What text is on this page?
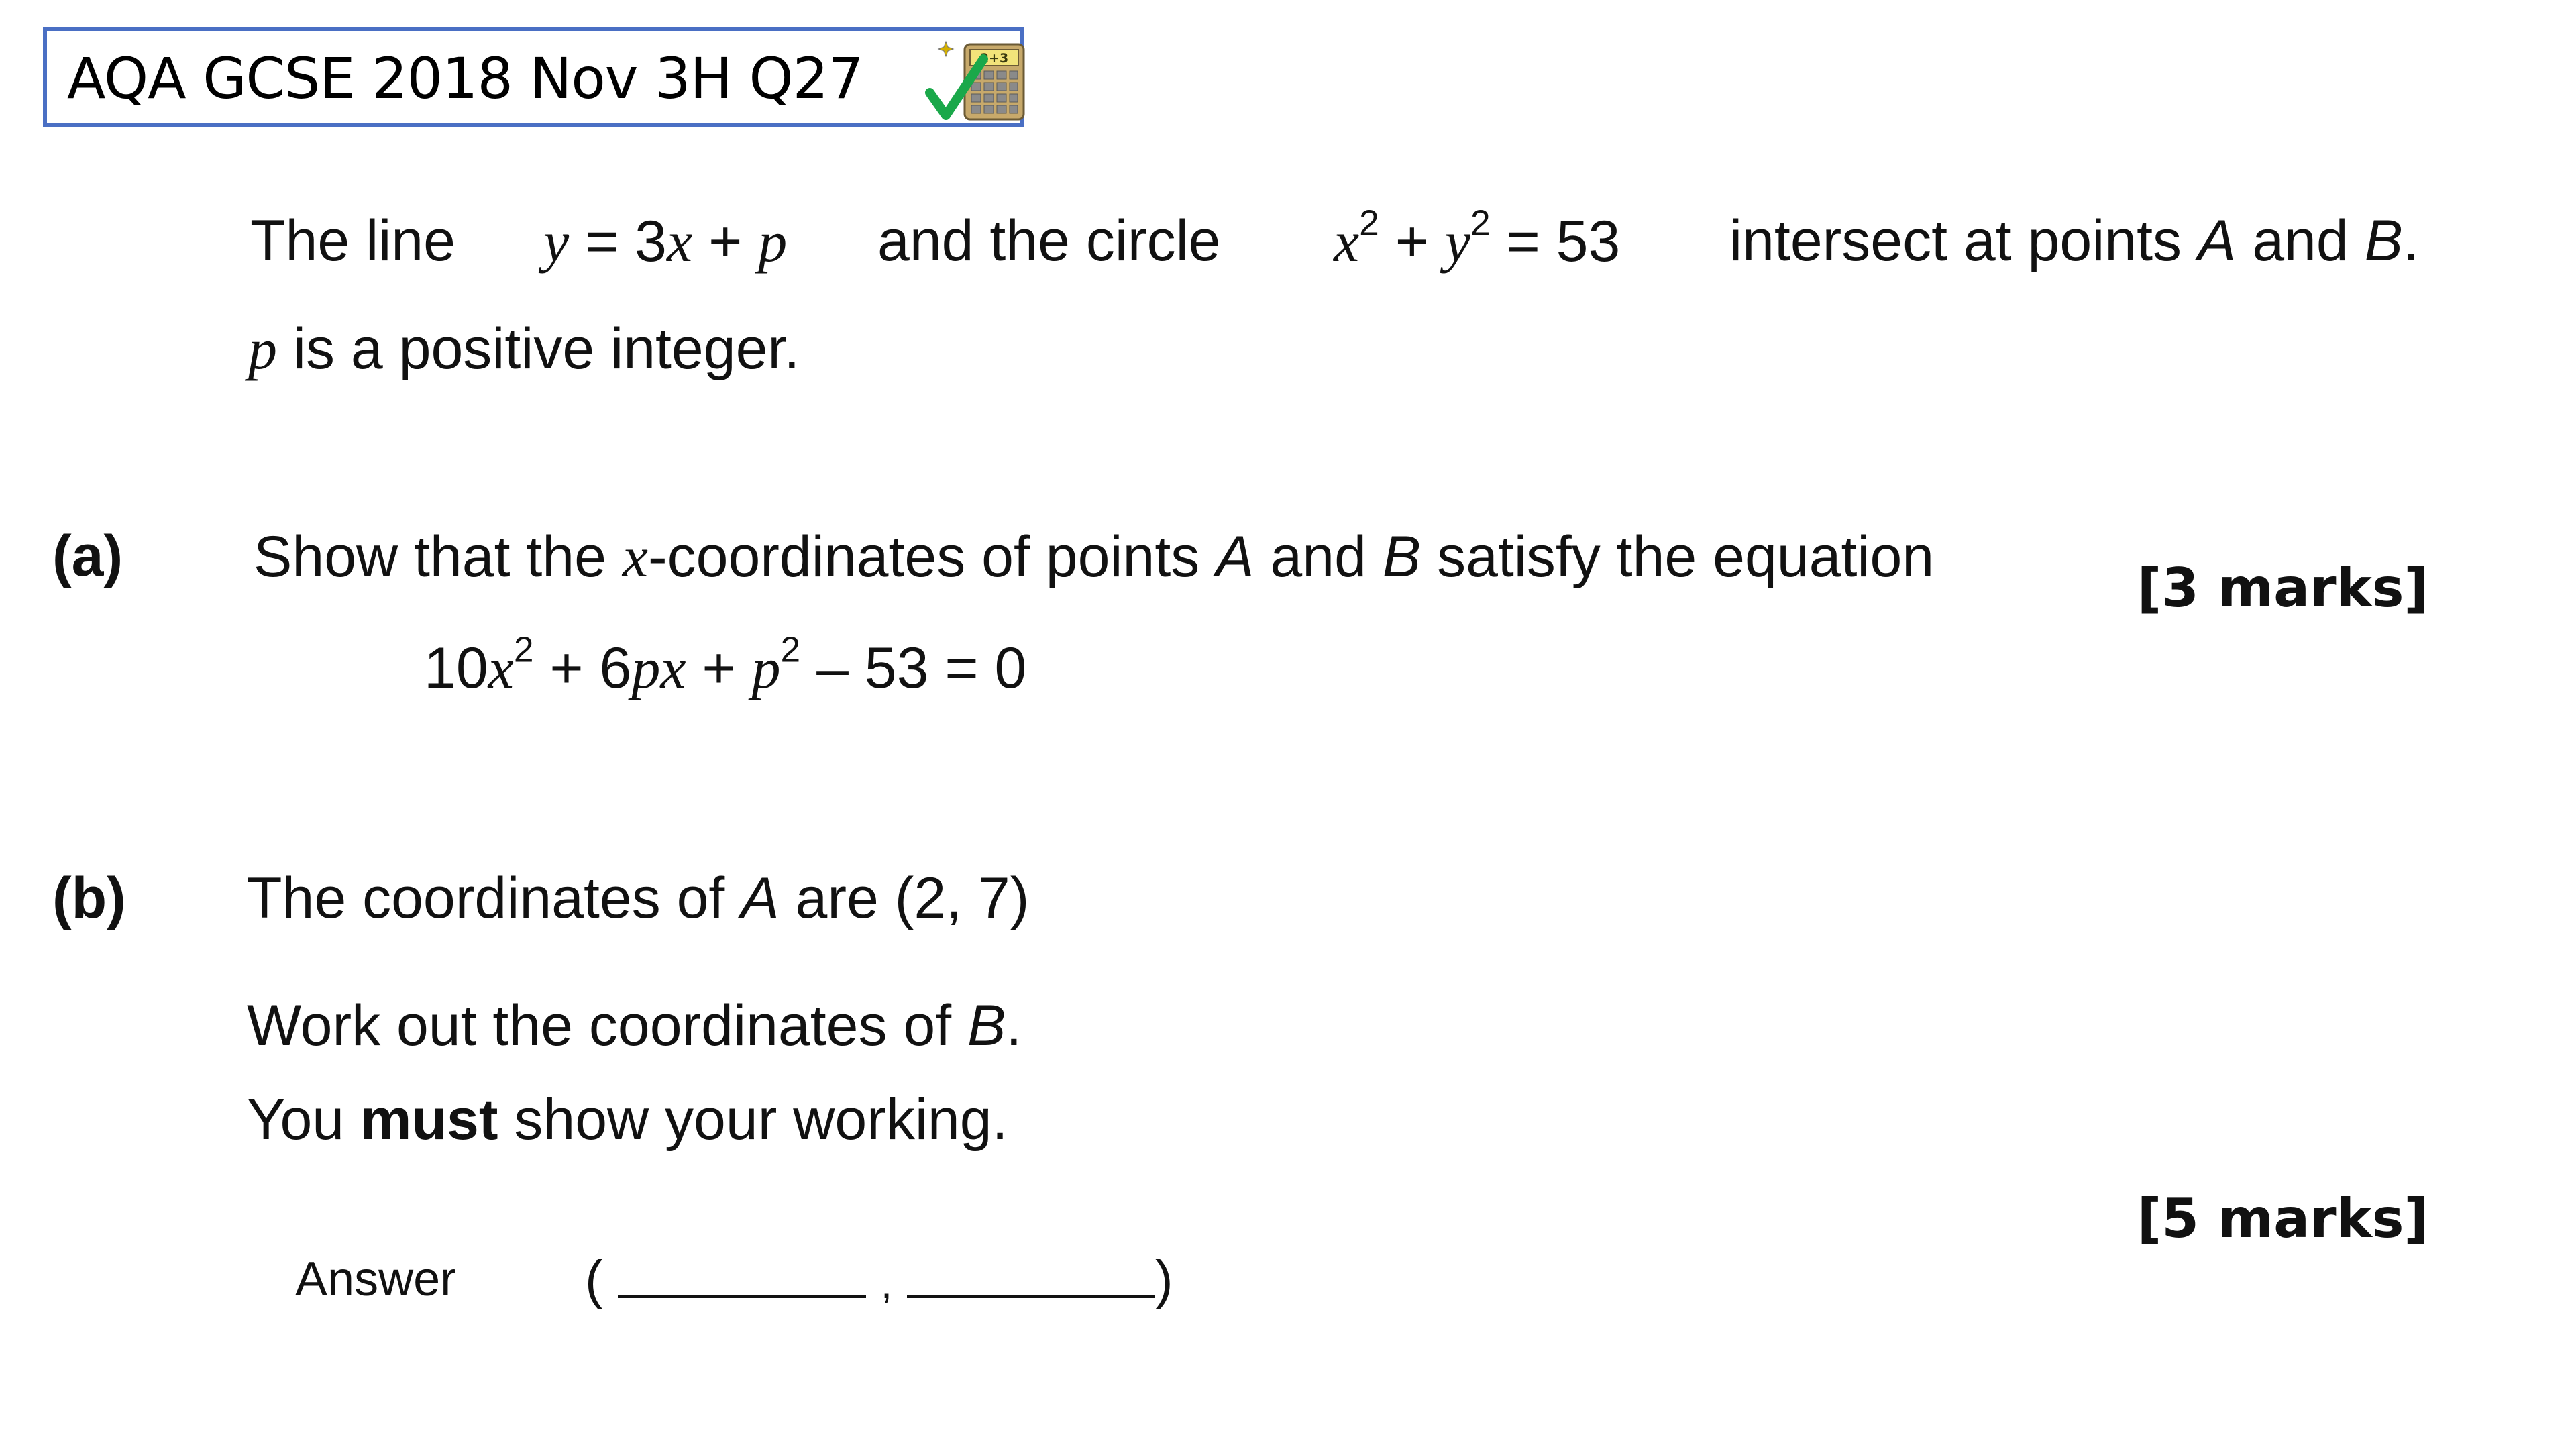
AQA GCSE 2018 Nov 3H Q27	2+3
The line y = 3x + p and the circle $x^2 + y^2 = 53$ intersect at points A and B.
p is a positive integer.
(a) Show that the x-coordinates of points A and B satisfy the equation
$10x^2 + 6px + p^2 - 53 = 0$
[3 marks]
(b) The coordinates of A are (2, 7)
Work out the coordinates of B.
You must show your working.
[5 marks]
Answer (	,	)
